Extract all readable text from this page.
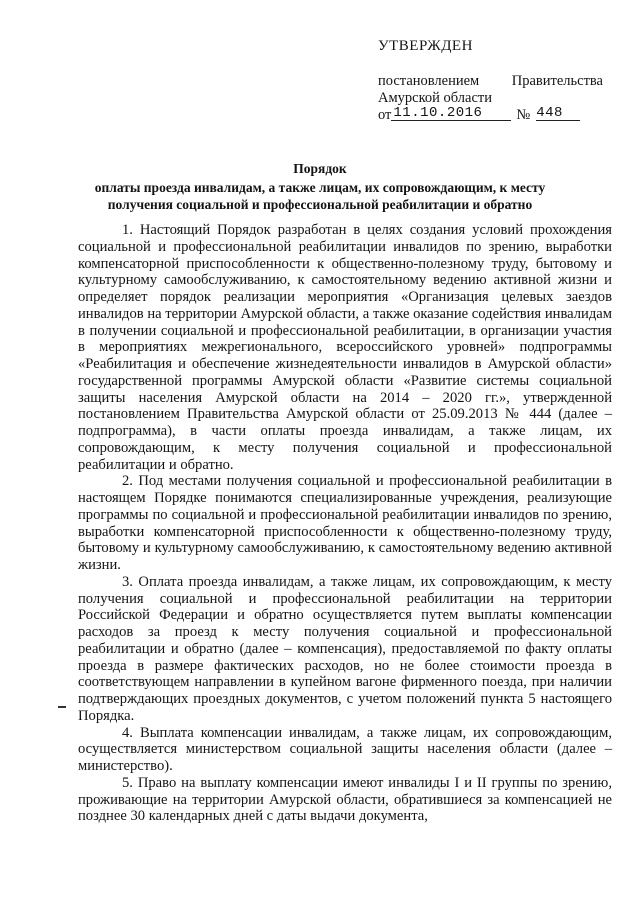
УТВЕРЖДЕН
постановлением Правительства
Амурской области
от 11.10.2016	№ 448
Порядок
оплаты проезда инвалидам, а также лицам, их сопровождающим, к месту
получения социальной и профессиональной реабилитации и обратно

1. Настоящий Порядок разработан в целях создания условий прохождения социальной и профессиональной реабилитации инвалидов по зрению, выработки компенсаторной приспособленности к общественно-полезному труду, бытовому и культурному самообслуживанию, к самостоятельному ведению активной жизни и определяет порядок реализации мероприятия «Организация целевых заездов инвалидов на территории Амурской области, а также оказание содействия инвалидам в получении социальной и профессиональной реабилитации, в организации участия в мероприятиях межрегионального, всероссийского уровней» подпрограммы «Реабилитация и обеспечение жизнедеятельности инвалидов в Амурской области» государственной программы Амурской области «Развитие системы социальной защиты населения Амурской области на 2014 – 2020 гг.», утвержденной постановлением Правительства Амурской области от 25.09.2013 № 444 (далее – подпрограмма), в части оплаты проезда инвалидам, а также лицам, их сопровождающим, к месту получения социальной и профессиональной реабилитации и обратно.

2. Под местами получения социальной и профессиональной реабилитации в настоящем Порядке понимаются специализированные учреждения, реализующие программы по социальной и профессиональной реабилитации инвалидов по зрению, выработки компенсаторной приспособленности к общественно-полезному труду, бытовому и культурному самообслуживанию, к самостоятельному ведению активной жизни.

3. Оплата проезда инвалидам, а также лицам, их сопровождающим, к месту получения социальной и профессиональной реабилитации на территории Российской Федерации и обратно осуществляется путем выплаты компенсации расходов за проезд к месту получения социальной и профессиональной реабилитации и обратно (далее – компенсация), предоставляемой по факту оплаты проезда в размере фактических расходов, но не более стоимости проезда в соответствующем направлении в купейном вагоне фирменного поезда, при наличии подтверждающих проездных документов, с учетом положений пункта 5 настоящего Порядка.

4. Выплата компенсации инвалидам, а также лицам, их сопровождающим, осуществляется министерством социальной защиты населения области (далее – министерство).

5. Право на выплату компенсации имеют инвалиды I и II группы по зрению, проживающие на территории Амурской области, обратившиеся за компенсацией не позднее 30 календарных дней с даты выдачи документа,
